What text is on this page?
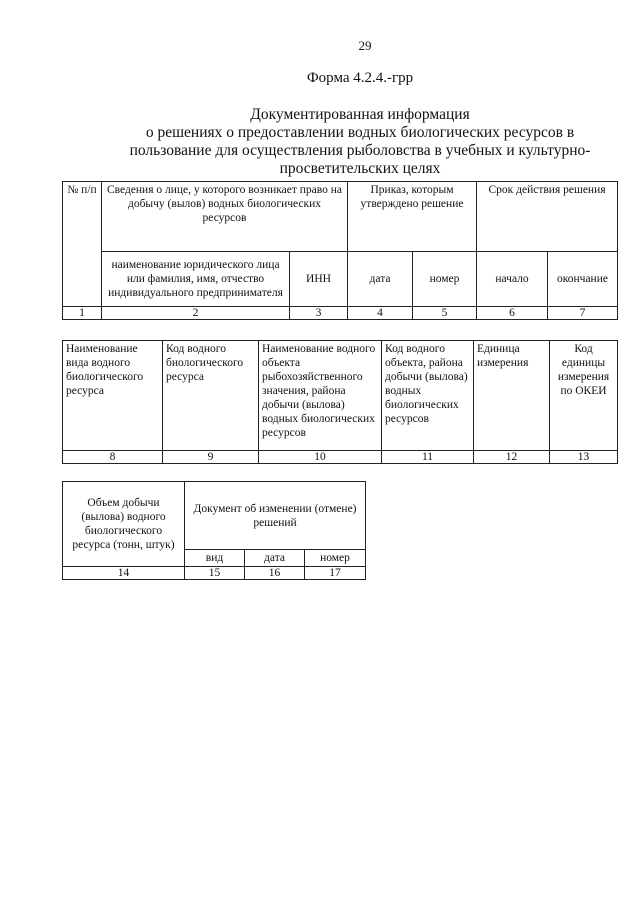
29
Форма 4.2.4.-грр
Документированная информация
о решениях о предоставлении водных биологических ресурсов в
пользование для осуществления рыболовства в учебных и культурно-
просветительских целях
№ п/п	Сведения о лице, у которого возникает право на добычу (вылов) водных биологических ресурсов		Приказ, которым утверждено решение		Срок действия решения	
	наименование юридического лица или фамилия, имя, отчество индивидуального предпринимателя	ИНН	дата	номер	начало	окончание
1	2	3	4	5	6	7
Наименование вида водного биологического ресурса	Код водного биологического ресурса	Наименование водного объекта рыбохозяйственного значения, района добычи (вылова) водных биологических ресурсов	Код водного объекта, района добычи (вылова) водных биологических ресурсов	Единица измерения	Код единицы измерения по ОКЕИ
8	9	10	11	12	13
Объем добычи (вылова) водного биологического ресурса (тонн, штук)	Документ об изменении (отмене) решений		
	вид	дата	номер
14	15	16	17
